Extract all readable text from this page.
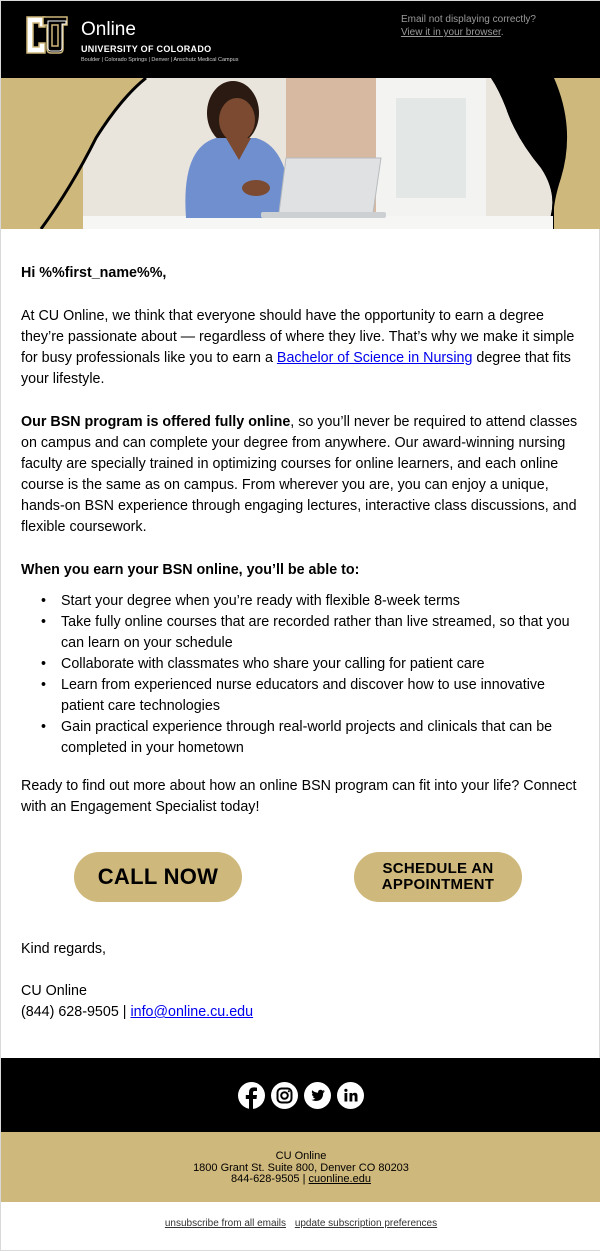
Online
UNIVERSITY OF COLORADO
Boulder | Colorado Springs | Denver | Anschutz Medical Campus
Email not displaying correctly?
View it in your browser.
Hi %%first_name%%,
At CU Online, we think that everyone should have the opportunity to earn a degree they’re passionate about — regardless of where they live. That’s why we make it simple for busy professionals like you to earn a Bachelor of Science in Nursing degree that fits your lifestyle.
Our BSN program is offered fully online, so you’ll never be required to attend classes on campus and can complete your degree from anywhere. Our award-winning nursing faculty are specially trained in optimizing courses for online learners, and each online course is the same as on campus. From wherever you are, you can enjoy a unique, hands-on BSN experience through engaging lectures, interactive class discussions, and flexible coursework.
When you earn your BSN online, you’ll be able to:
• Start your degree when you’re ready with flexible 8-week terms
• Take fully online courses that are recorded rather than live streamed, so that you can learn on your schedule
• Collaborate with classmates who share your calling for patient care
• Learn from experienced nurse educators and discover how to use innovative patient care technologies
• Gain practical experience through real-world projects and clinicals that can be completed in your hometown
Ready to find out more about how an online BSN program can fit into your life? Connect with an Engagement Specialist today!
CALL NOW	SCHEDULE AN APPOINTMENT
Kind regards,
CU Online
(844) 628-9505 | info@online.cu.edu
CU Online
1800 Grant St. Suite 800, Denver CO 80203
844-628-9505 | cuonline.edu
unsubscribe from all emails update subscription preferences
